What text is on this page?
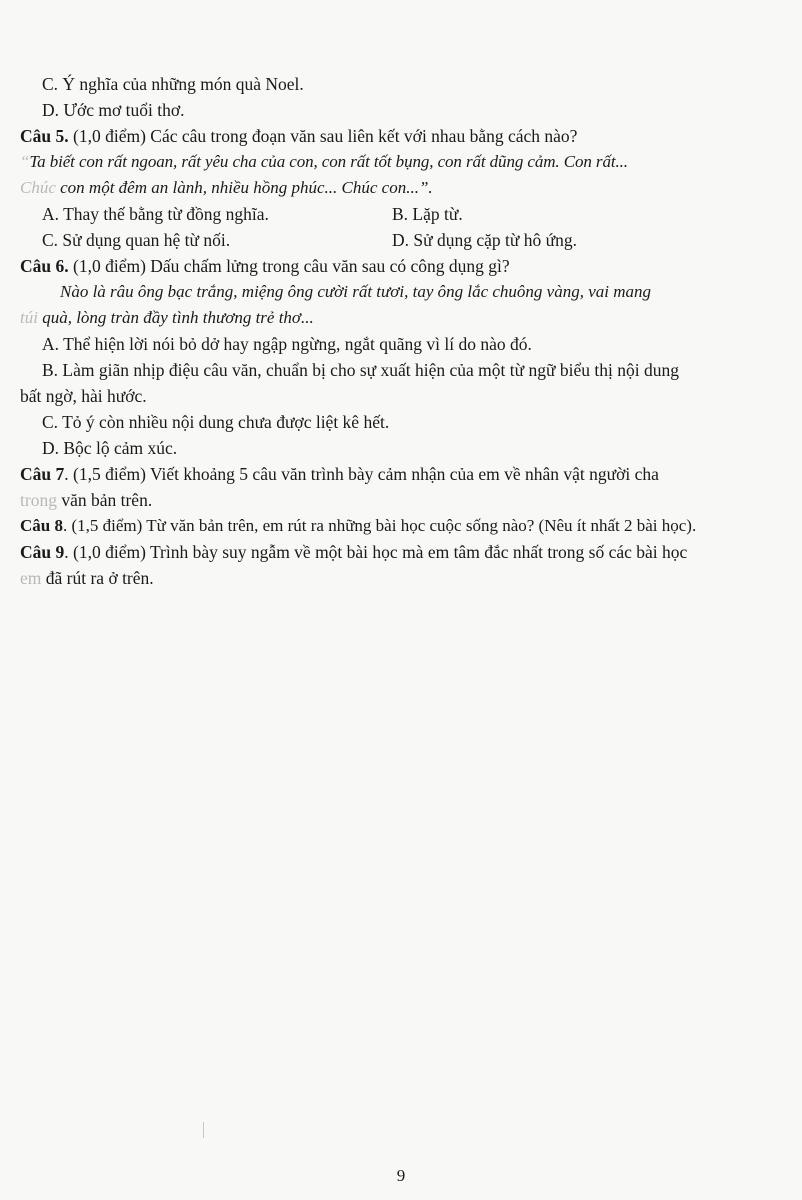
C. Ý nghĩa của những món quà Noel.
D. Ước mơ tuổi thơ.
Câu 5. (1,0 điểm) Các câu trong đoạn văn sau liên kết với nhau bằng cách nào?
“Ta biết con rất ngoan, rất yêu cha của con, con rất tốt bụng, con rất dũng cảm. Con rất...
Chúc con một đêm an lành, nhiều hồng phúc... Chúc con...”.
A. Thay thế bằng từ đồng nghĩa.	B. Lặp từ.
C. Sử dụng quan hệ từ nối.	D. Sử dụng cặp từ hô ứng.
Câu 6. (1,0 điểm) Dấu chấm lửng trong câu văn sau có công dụng gì?
Nào là râu ông bạc trắng, miệng ông cười rất tươi, tay ông lắc chuông vàng, vai mang
túi quà, lòng tràn đầy tình thương trẻ thơ...
A. Thể hiện lời nói bỏ dở hay ngập ngừng, ngắt quãng vì lí do nào đó.
B. Làm giãn nhịp điệu câu văn, chuẩn bị cho sự xuất hiện của một từ ngữ biểu thị nội dung
bất ngờ, hài hước.
C. Tỏ ý còn nhiều nội dung chưa được liệt kê hết.
D. Bộc lộ cảm xúc.
Câu 7. (1,5 điểm) Viết khoảng 5 câu văn trình bày cảm nhận của em về nhân vật người cha
trong văn bản trên.
Câu 8. (1,5 điểm) Từ văn bản trên, em rút ra những bài học cuộc sống nào? (Nêu ít nhất 2 bài học).
Câu 9. (1,0 điểm) Trình bày suy ngẫm về một bài học mà em tâm đắc nhất trong số các bài học
em đã rút ra ở trên.
9
